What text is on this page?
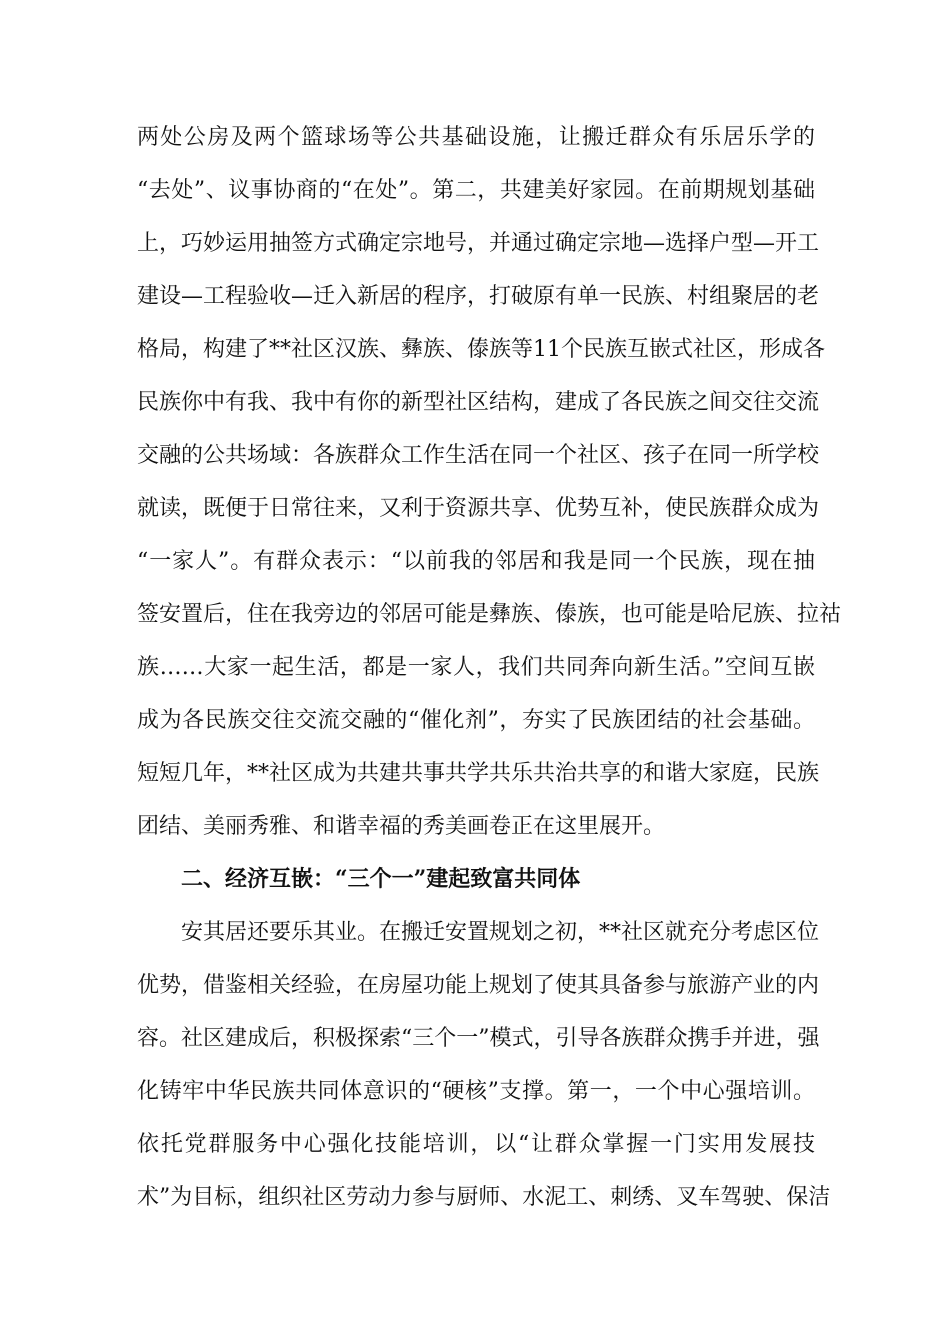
两处公房及两个篮球场等公共基础设施，让搬迁群众有乐居乐学的
“去处”、议事协商的“在处”。第二，共建美好家园。在前期规划基础
上，巧妙运用抽签方式确定宗地号，并通过确定宗地—选择户型—开工
建设—工程验收—迁入新居的程序，打破原有单一民族、村组聚居的老
格局，构建了**社区汉族、彝族、傣族等11个民族互嵌式社区，形成各
民族你中有我、我中有你的新型社区结构，建成了各民族之间交往交流
交融的公共场域：各族群众工作生活在同一个社区、孩子在同一所学校
就读，既便于日常往来，又利于资源共享、优势互补，使民族群众成为
“一家人”。有群众表示：“以前我的邻居和我是同一个民族，现在抽
签安置后，住在我旁边的邻居可能是彝族、傣族，也可能是哈尼族、拉祜
族……大家一起生活，都是一家人，我们共同奔向新生活。”空间互嵌
成为各民族交往交流交融的“催化剂”，夯实了民族团结的社会基础。
短短几年，**社区成为共建共事共学共乐共治共享的和谐大家庭，民族
团结、美丽秀雅、和谐幸福的秀美画卷正在这里展开。
二、经济互嵌：“三个一”建起致富共同体
安其居还要乐其业。在搬迁安置规划之初，**社区就充分考虑区位
优势，借鉴相关经验，在房屋功能上规划了使其具备参与旅游产业的内
容。社区建成后，积极探索“三个一”模式，引导各族群众携手并进，强
化铸牢中华民族共同体意识的“硬核”支撑。第一，一个中心强培训。
依托党群服务中心强化技能培训，以“让群众掌握一门实用发展技
术”为目标，组织社区劳动力参与厨师、水泥工、刺绣、叉车驾驶、保洁
